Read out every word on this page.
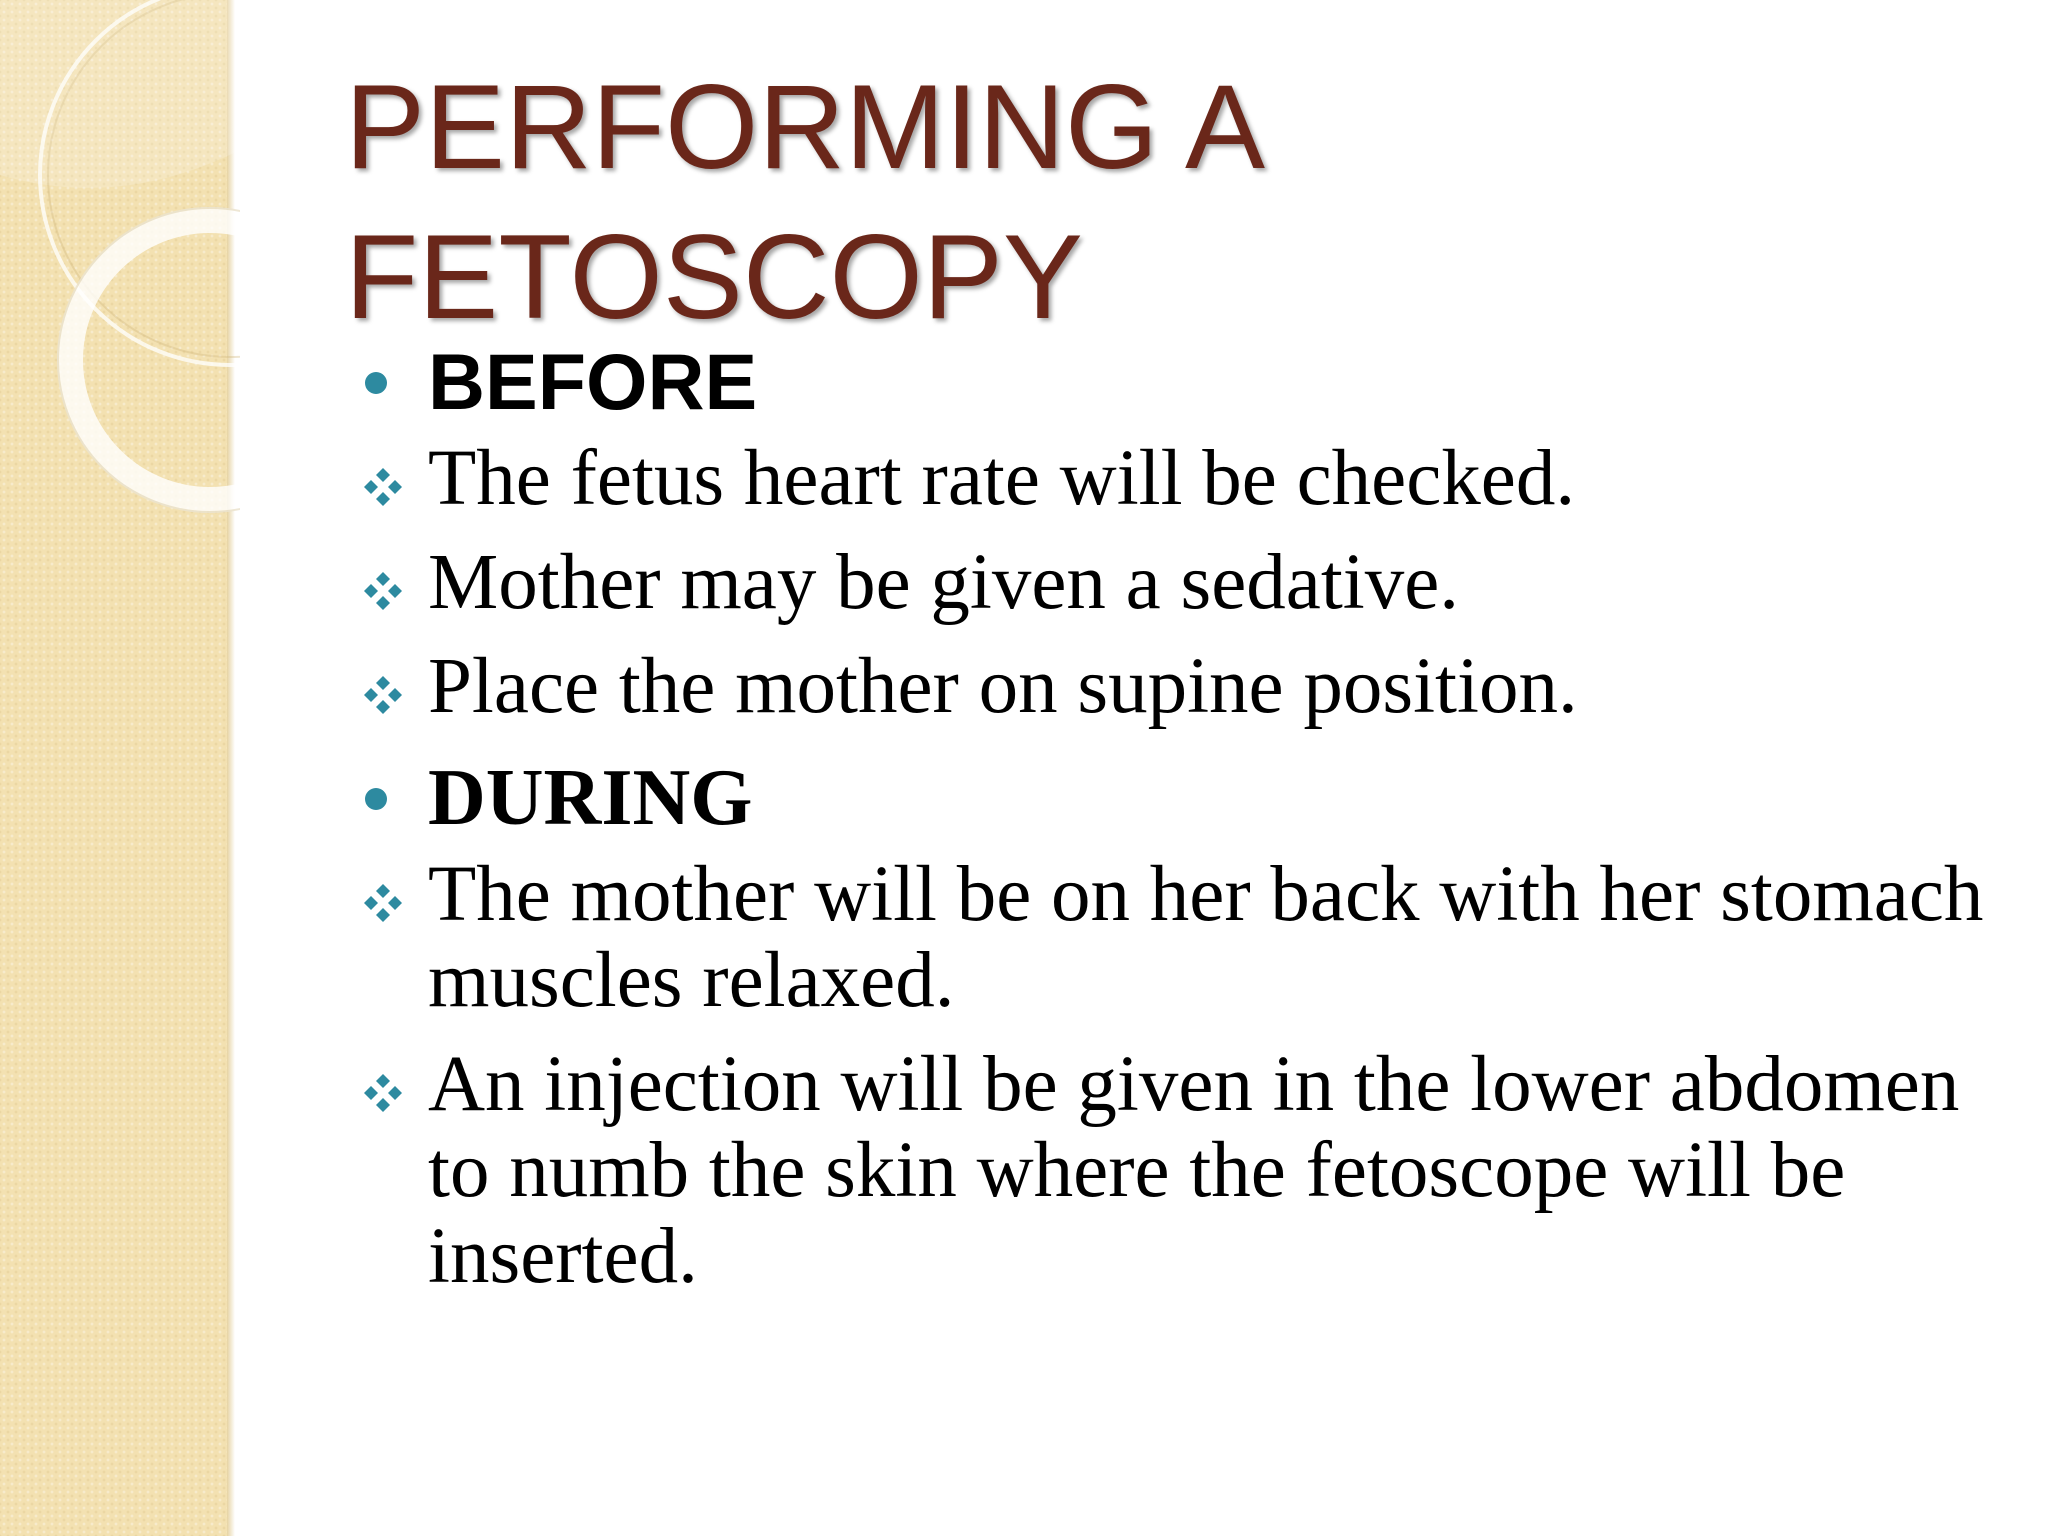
PERFORMING A
FETOSCOPY
BEFORE
The fetus heart rate will be checked.
Mother may be given a sedative.
Place the mother on supine position.
DURING
The mother will be on her back with her stomach muscles relaxed.
An injection will be given in the lower abdomen to numb the skin where the fetoscope will be inserted.
